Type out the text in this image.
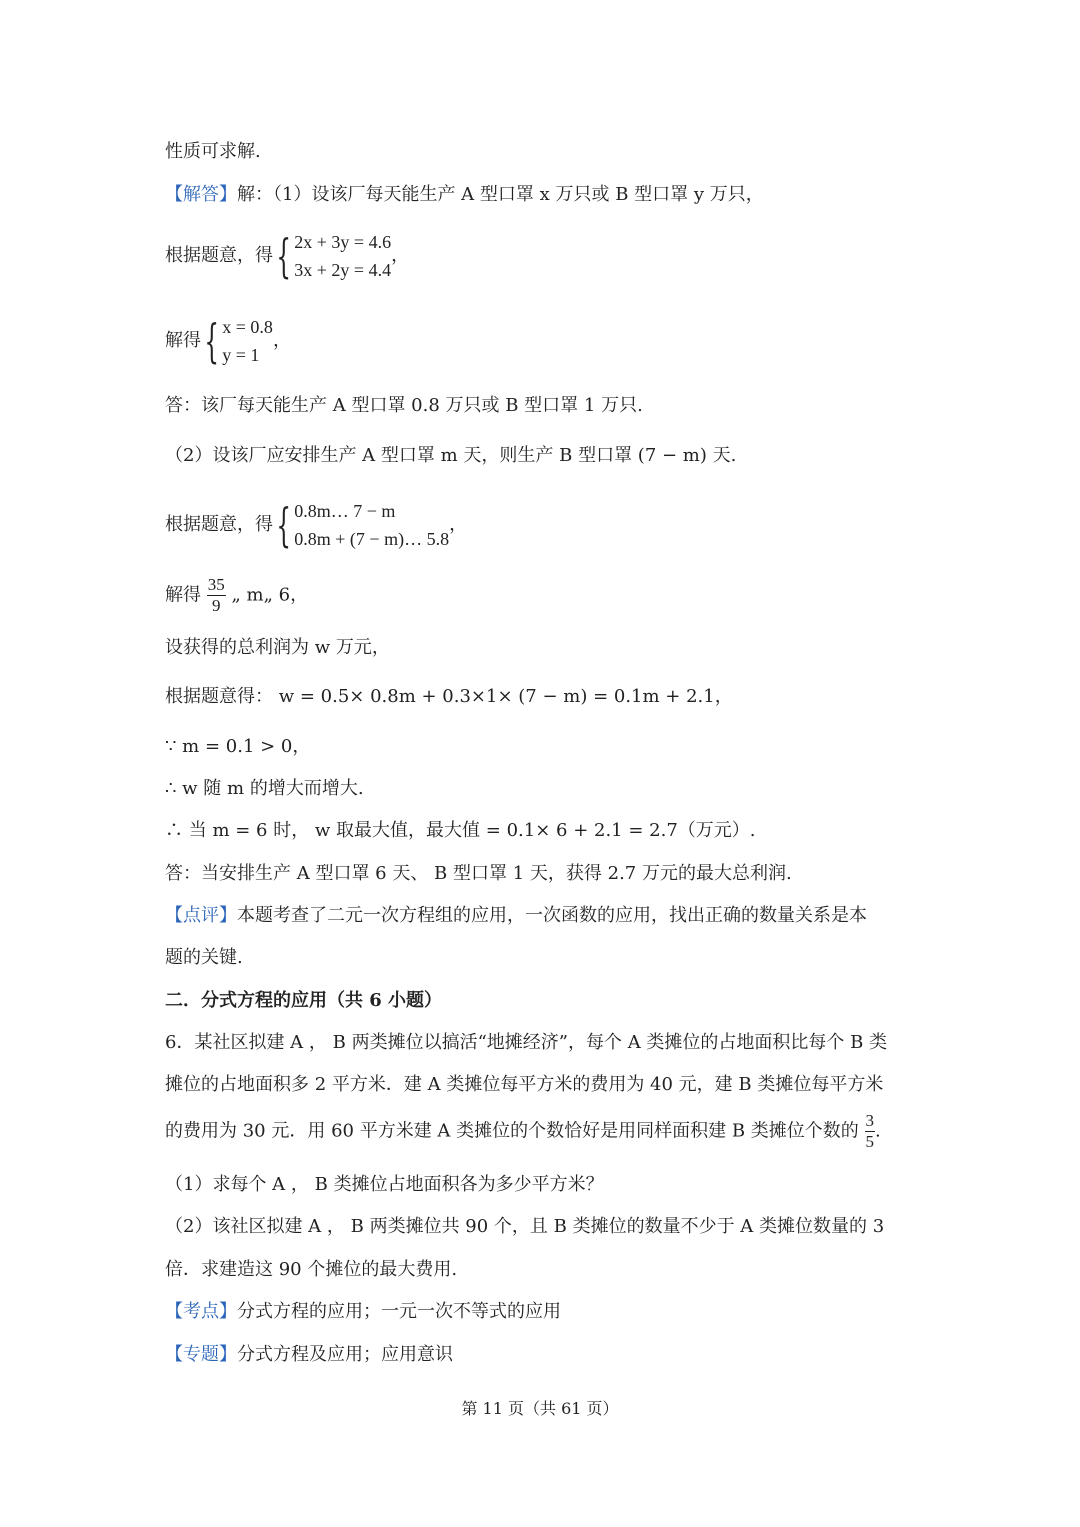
性质可求解.
【解答】解：（1）设该厂每天能生产 A 型口罩 x 万只或 B 型口罩 y 万只，
根据题意，得{ 2x + 3y = 4.6
3x + 2y = 4.4
，
解得{ x = 0.8
y = 1
，
答：该厂每天能生产 A 型口罩 0.8 万只或 B 型口罩 1 万只.
（2）设该厂应安排生产 A 型口罩 m 天，则生产 B 型口罩 (7 − m) 天.
根据题意，得{ 0.8m… 7 − m
0.8m + (7 − m)… 5.8
，
解得 $\frac{35}{9}$ „ m„ 6，
设获得的总利润为 w 万元，
根据题意得： w = 0.5× 0.8m + 0.3×1× (7 − m) = 0.1m + 2.1，
∵ m = 0.1 > 0，
∴ w 随 m 的增大而增大.
∴ 当 m = 6 时， w 取最大值，最大值 = 0.1× 6 + 2.1 = 2.7（万元）.
答：当安排生产 A 型口罩 6 天、 B 型口罩 1 天，获得 2.7 万元的最大总利润.
【点评】本题考查了二元一次方程组的应用，一次函数的应用，找出正确的数量关系是本
题的关键.
二．分式方程的应用（共 6 小题）
6．某社区拟建 A ， B 两类摊位以搞活“地摊经济”，每个 A 类摊位的占地面积比每个 B 类
摊位的占地面积多 2 平方米．建 A 类摊位每平方米的费用为 40 元，建 B 类摊位每平方米
的费用为 30 元．用 60 平方米建 A 类摊位的个数恰好是用同样面积建 B 类摊位个数的 $\frac{3}{5}$ .
（1）求每个 A ， B 类摊位占地面积各为多少平方米？
（2）该社区拟建 A ， B 两类摊位共 90 个，且 B 类摊位的数量不少于 A 类摊位数量的 3
倍．求建造这 90 个摊位的最大费用.
【考点】分式方程的应用；一元一次不等式的应用
【专题】分式方程及应用；应用意识
第 11 页（共 61 页）
